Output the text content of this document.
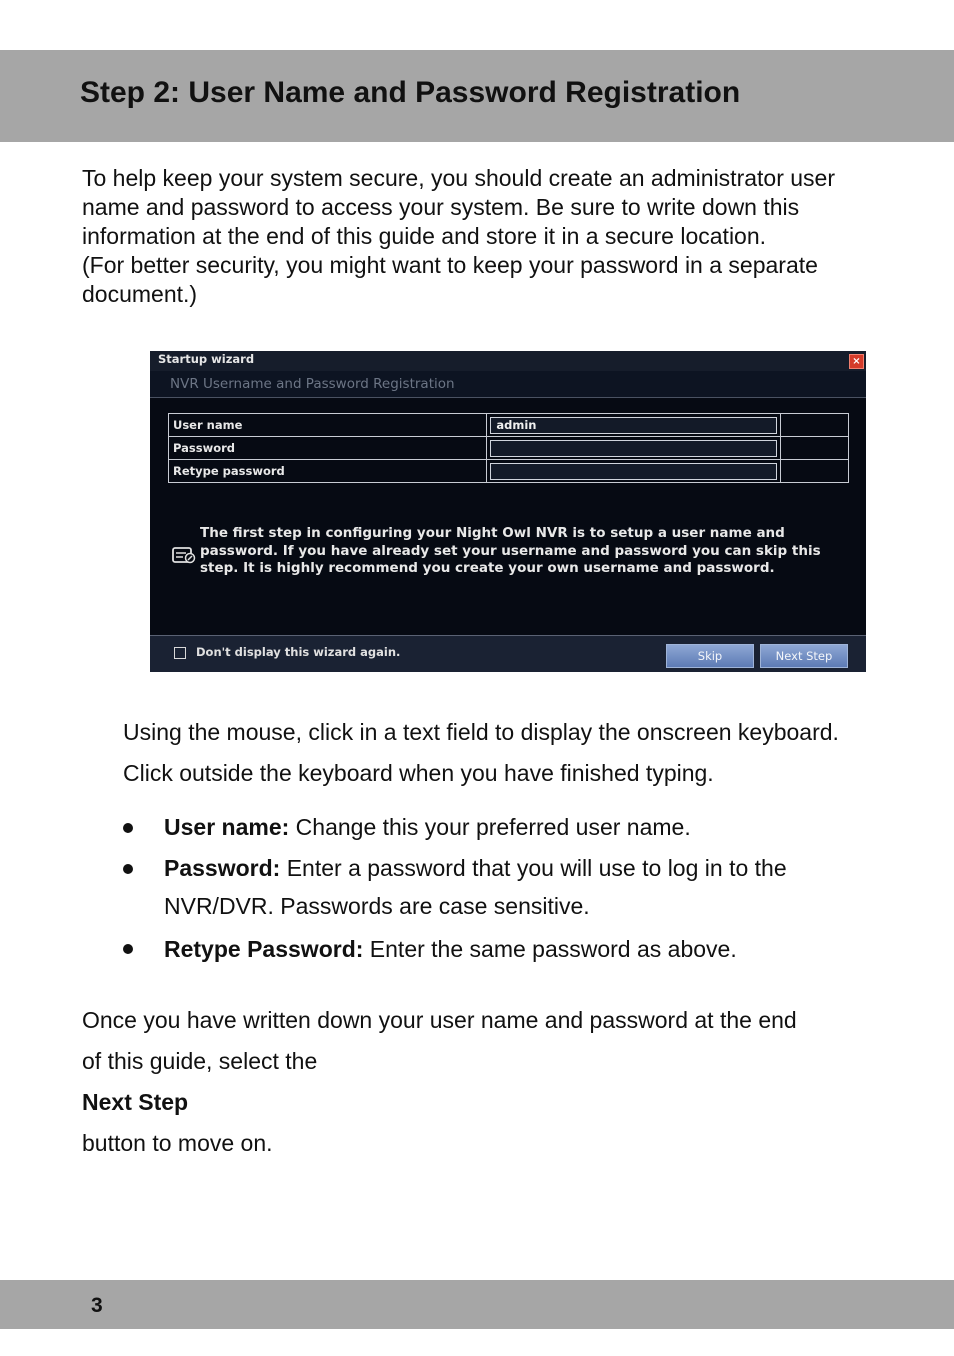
Step 2: User Name and Password Registration

To help keep your system secure, you should create an administrator user
name and password to access your system. Be sure to write down this
information at the end of this guide and store it in a secure location.
(For better security, you might want to keep your password in a separate
document.)

Startup wizard	×
NVR Username and Password Registration
User name	admin	

Password	

Retype password	

The first step in configuring your Night Owl NVR is to setup a user name and password. If you have already set your username and password you can skip this step. It is highly recommend you create your own username and password.
Don't display this wizard again.	Skip	Next Step

Using the mouse, click in a text field to display the onscreen keyboard.
Click outside the keyboard when you have finished typing.

User name: Change this your preferred user name.
Password: Enter a password that you will use to log in to the
NVR/DVR. Passwords are case sensitive.
Retype Password: Enter the same password as above.

Once you have written down your user name and password at the end
of this guide, select the
Next Step
button to move on.

3
